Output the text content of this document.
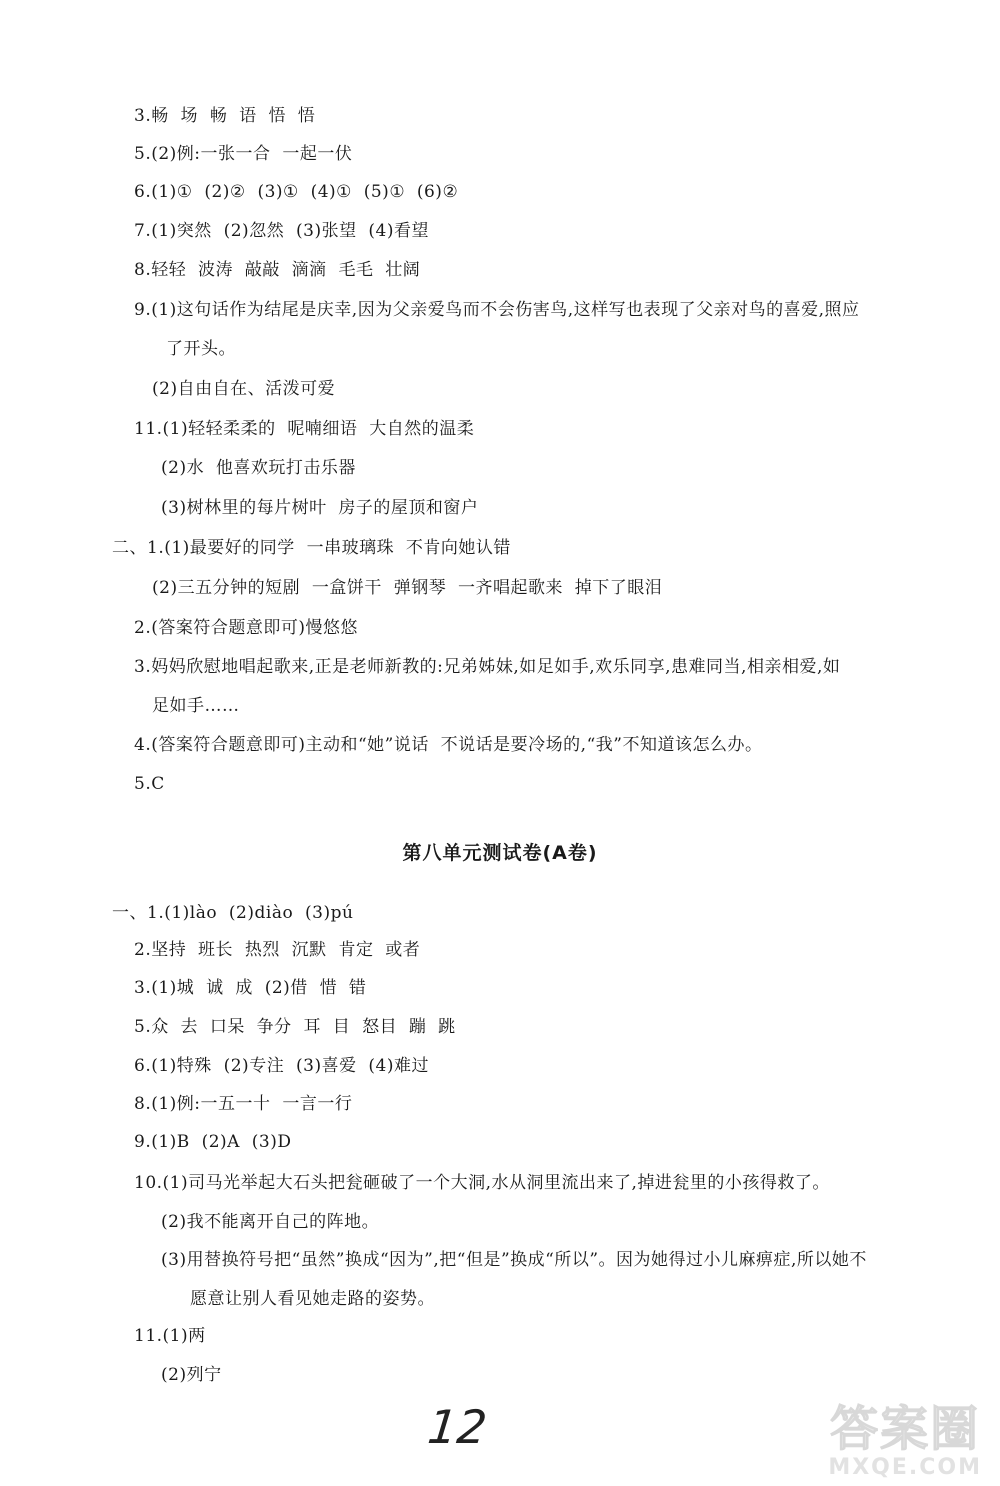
3.畅  场  畅  语  悟  悟
5.(2)例:一张一合  一起一伏
6.(1)①  (2)②  (3)①  (4)①  (5)①  (6)②
7.(1)突然  (2)忽然  (3)张望  (4)看望
8.轻轻  波涛  敲敲  滴滴  毛毛  壮阔
9.(1)这句话作为结尾是庆幸,因为父亲爱鸟而不会伤害鸟,这样写也表现了父亲对鸟的喜爱,照应
了开头。
(2)自由自在、活泼可爱
11.(1)轻轻柔柔的  呢喃细语  大自然的温柔
(2)水  他喜欢玩打击乐器
(3)树林里的每片树叶  房子的屋顶和窗户
二、1.(1)最要好的同学  一串玻璃珠  不肯向她认错
(2)三五分钟的短剧  一盒饼干  弹钢琴  一齐唱起歌来  掉下了眼泪
2.(答案符合题意即可)慢悠悠
3.妈妈欣慰地唱起歌来,正是老师新教的:兄弟姊妹,如足如手,欢乐同享,患难同当,相亲相爱,如
足如手……
4.(答案符合题意即可)主动和“她”说话  不说话是要冷场的,“我”不知道该怎么办。
5.C
第八单元测试卷(A卷)
一、1.(1)lào  (2)diào  (3)pú
2.坚持  班长  热烈  沉默  肯定  或者
3.(1)城  诚  成  (2)借  惜  错
5.众  去  口呆  争分  耳  目  怒目  蹦  跳
6.(1)特殊  (2)专注  (3)喜爱  (4)难过
8.(1)例:一五一十  一言一行
9.(1)B  (2)A  (3)D
10.(1)司马光举起大石头把瓮砸破了一个大洞,水从洞里流出来了,掉进瓮里的小孩得救了。
(2)我不能离开自己的阵地。
(3)用替换符号把“虽然”换成“因为”,把“但是”换成“所以”。因为她得过小儿麻痹症,所以她不
愿意让别人看见她走路的姿势。
11.(1)两
(2)列宁
12	答案圈
MXQE.COM
